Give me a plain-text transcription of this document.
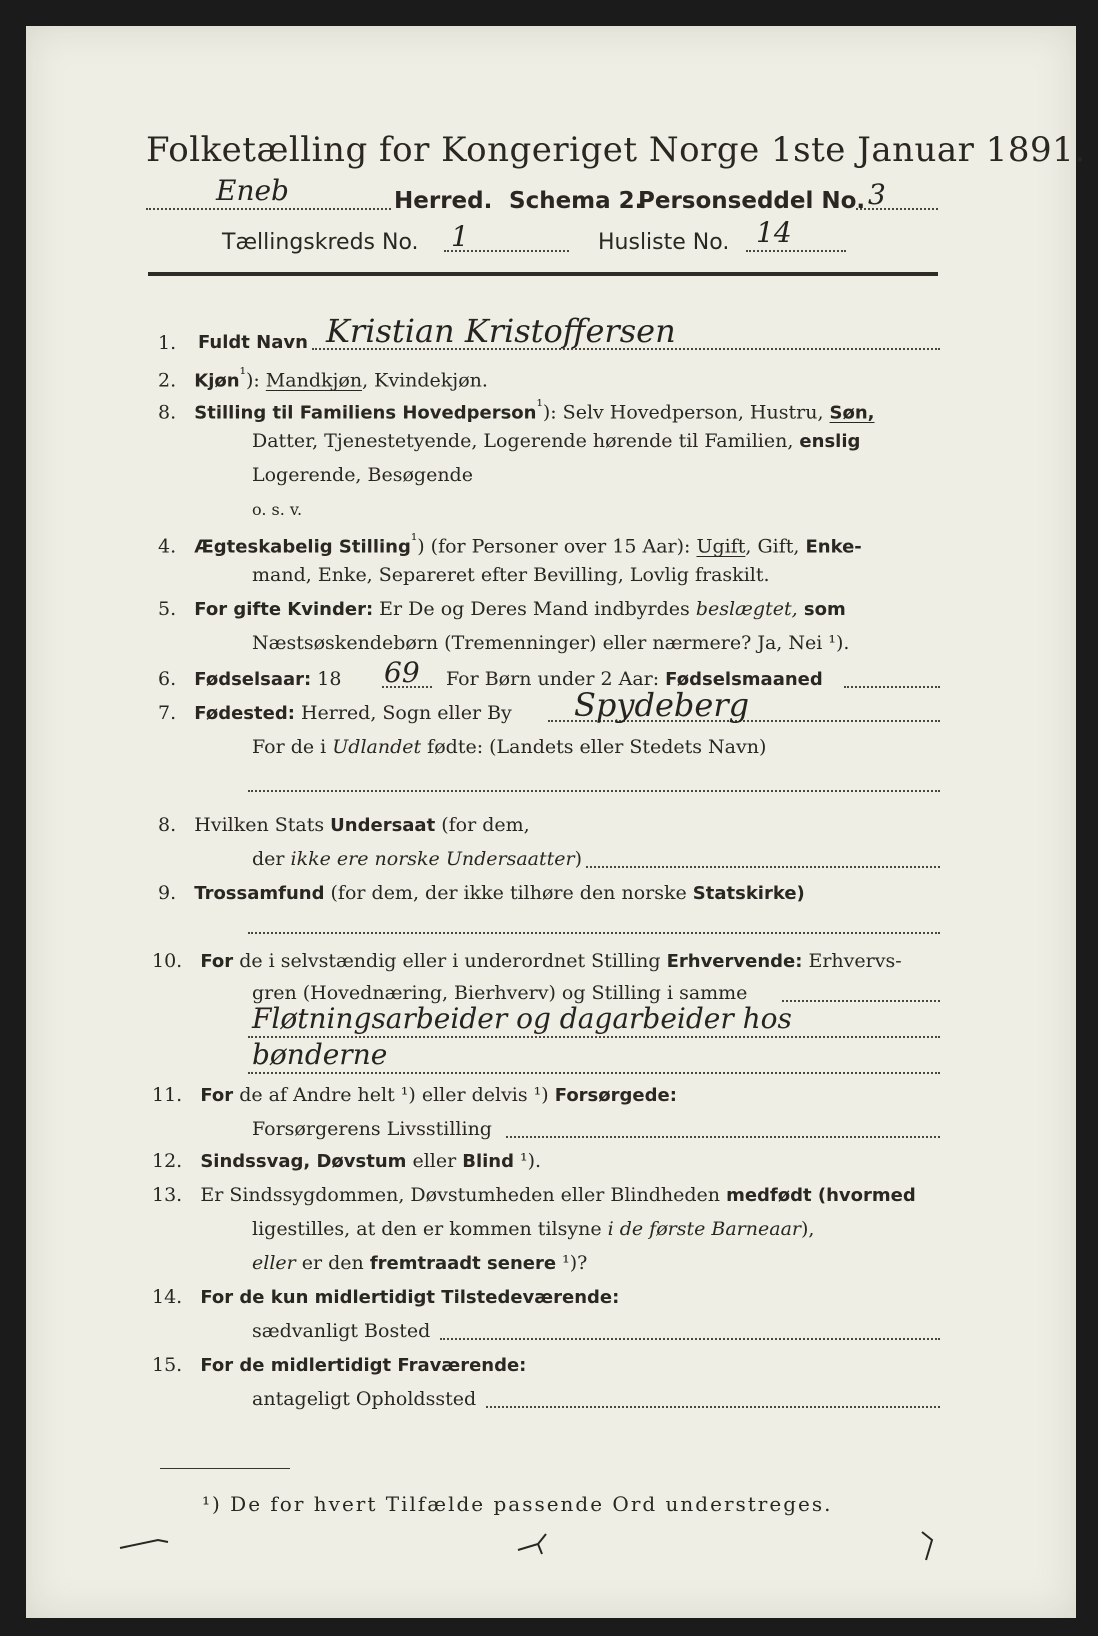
Folketælling for Kongeriget Norge 1ste Januar 1891.
Eneb	Herred. Schema 2.
Personseddel No. 3
Tællingskreds No. 1	Husliste No. 14
1. Fuldt Navn Kristian Kristoffersen
2. Kjøn$^{^1}$): Mandkjøn, Kvindekjøn.
8. Stilling til Familiens Hovedperson$^{^1}$): Selv Hovedperson, Hustru, Søn,
Datter, Tjenestetyende, Logerende hørende til Familien, enslig
Logerende, Besøgende
o. s. v.
4. Ægteskabelig Stilling$^{^1}$) (for Personer over 15 Aar): Ugift, Gift, Enke-
mand, Enke, Separeret efter Bevilling, Lovlig fraskilt.
5. For gifte Kvinder: Er De og Deres Mand indbyrdes beslægtet, som
Næstsøskendebørn (Tremenninger) eller nærmere? Ja, Nei ¹).
6. Fødselsaar: 18 69 For Børn under 2 Aar: Fødselsmaaned
7. Fødested: Herred, Sogn eller By Spydeberg
For de i Udlandet fødte: (Landets eller Stedets Navn)
8. Hvilken Stats Undersaat (for dem,
der ikke ere norske Undersaatter)
9. Trossamfund (for dem, der ikke tilhøre den norske Statskirke)
10. For de i selvstændig eller i underordnet Stilling Erhvervende: Erhvervs-
gren (Hovednæring, Bierhverv) og Stilling i samme
Fløtningsarbeider og dagarbeider hos
bønderne
11. For de af Andre helt ¹) eller delvis ¹) Forsørgede:
Forsørgerens Livsstilling
12. Sindssvag, Døvstum eller Blind ¹).
13. Er Sindssygdommen, Døvstumheden eller Blindheden medfødt (hvormed
ligestilles, at den er kommen tilsyne i de første Barneaar),
eller er den fremtraadt senere ¹)?
14. For de kun midlertidigt Tilstedeværende:
sædvanligt Bosted
15. For de midlertidigt Fraværende:
antageligt Opholdssted
¹) De for hvert Tilfælde passende Ord understreges.
